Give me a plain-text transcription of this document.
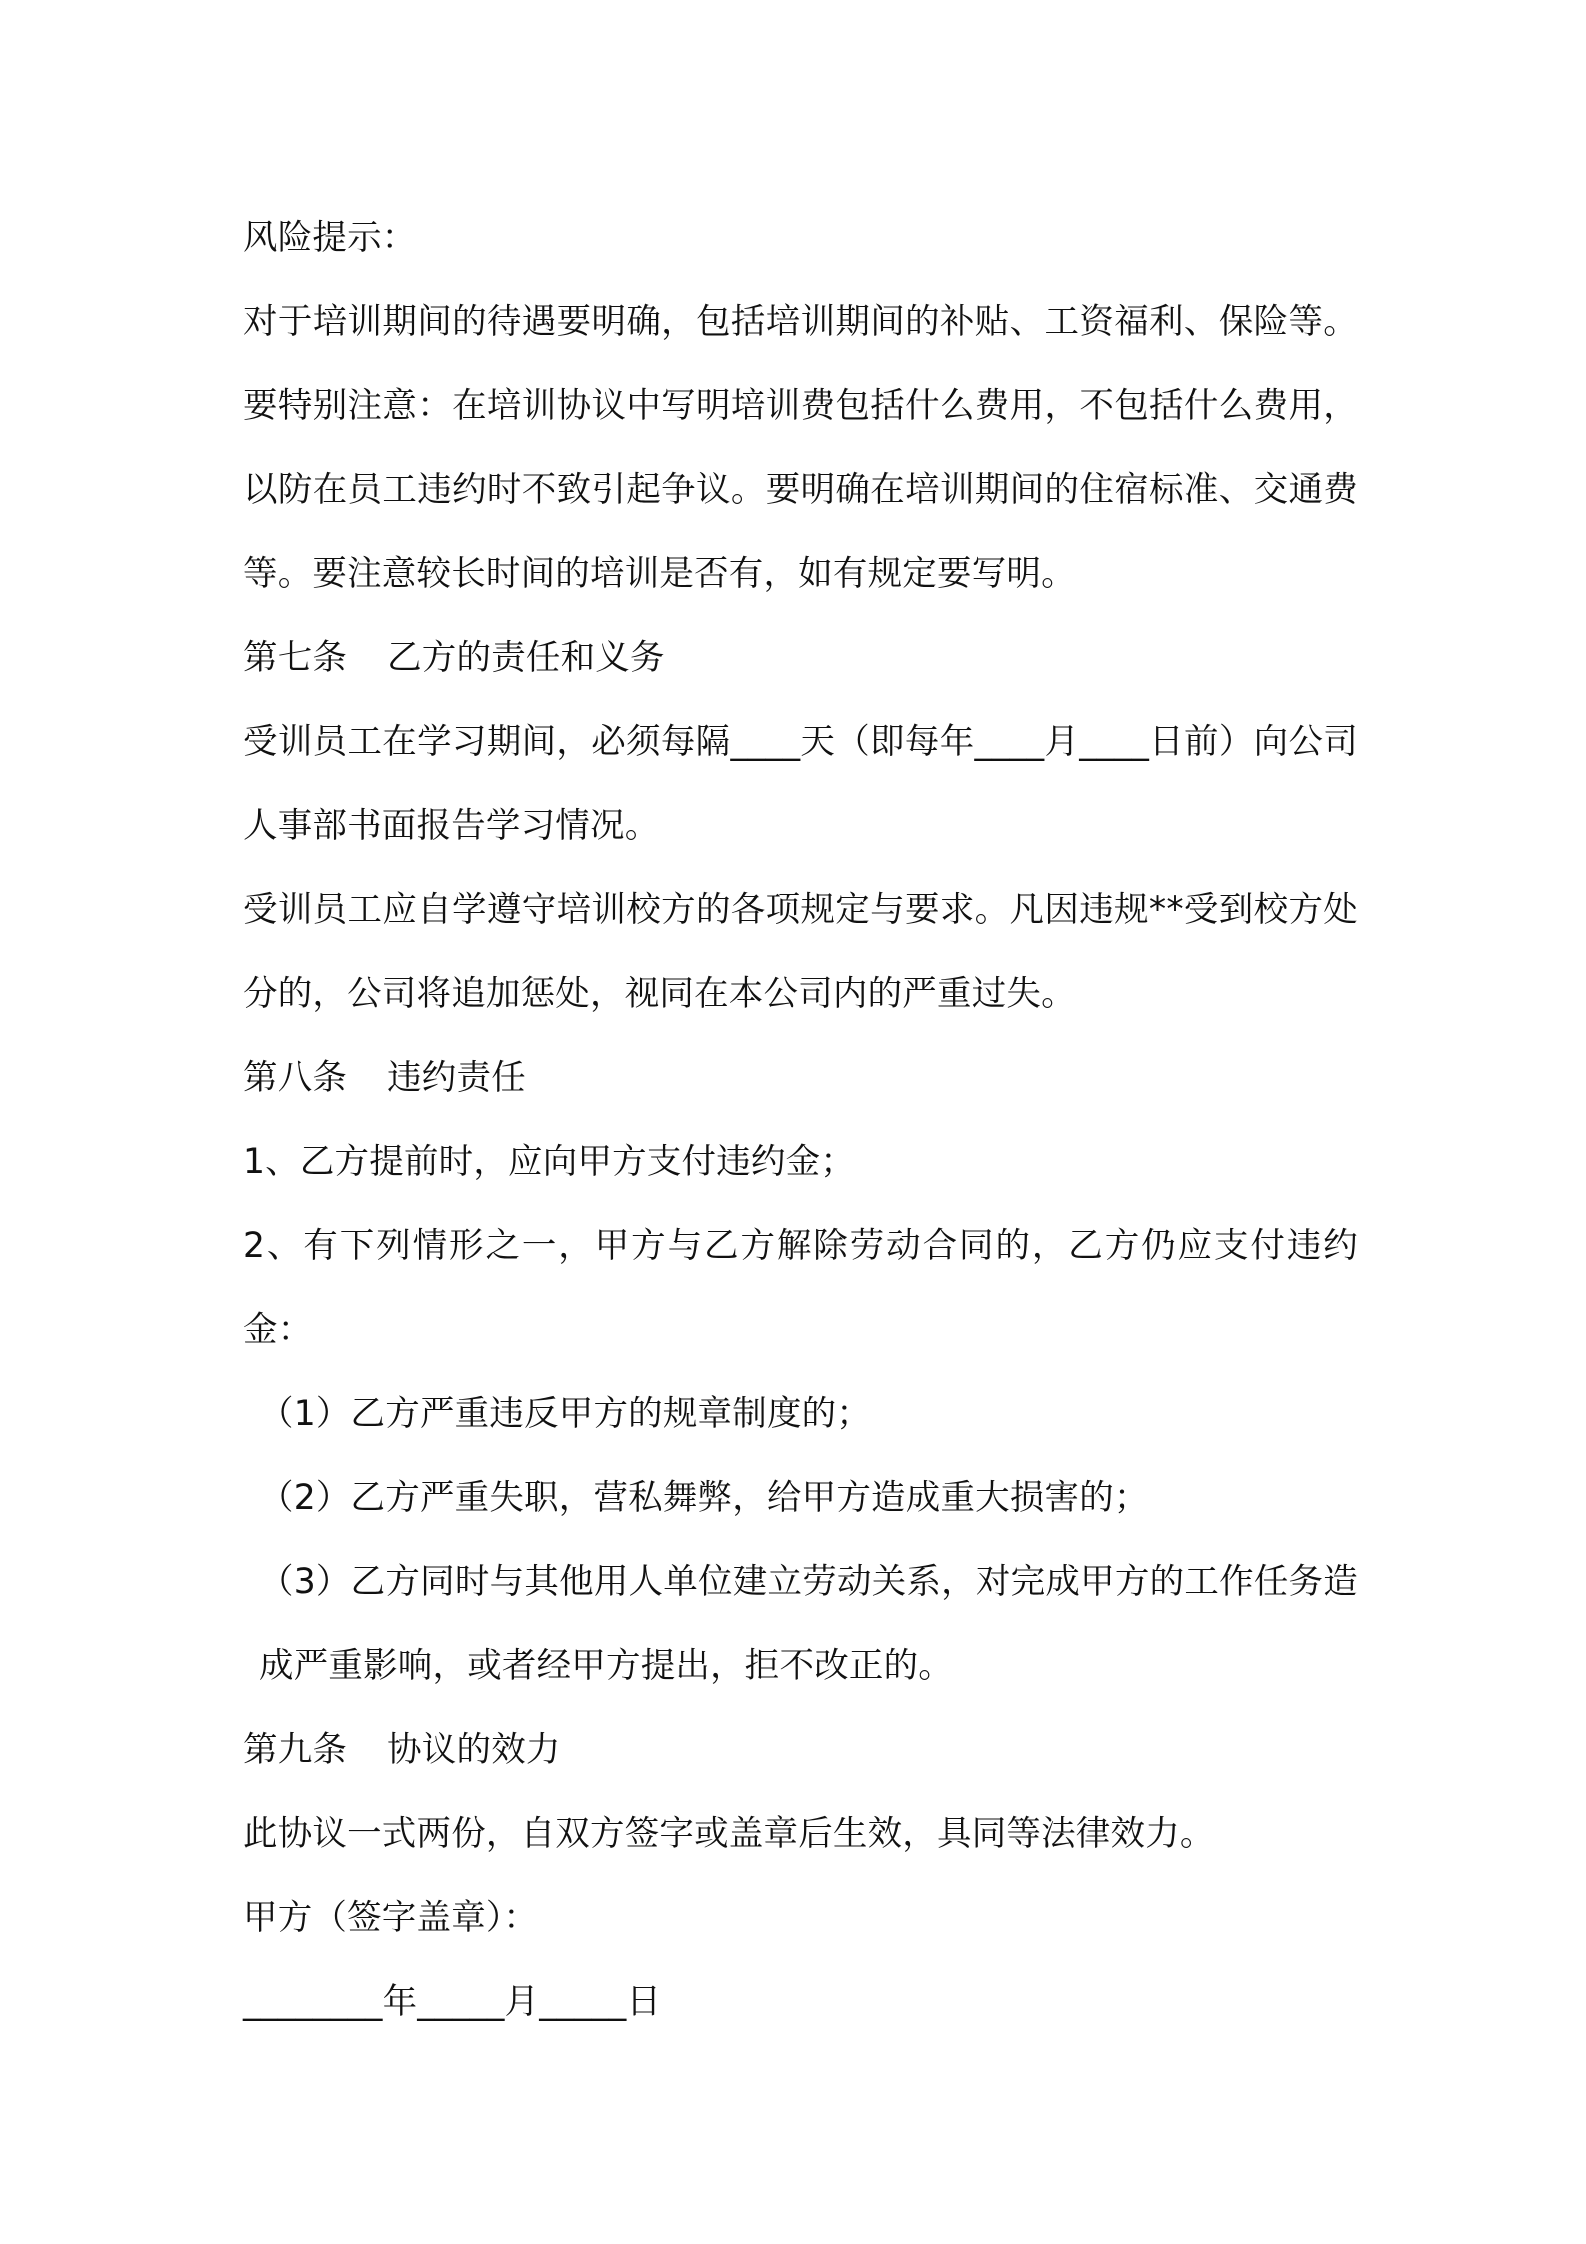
风险提示：

对于培训期间的待遇要明确，包括培训期间的补贴、工资福利、保险等。要特别注意：在培训协议中写明培训费包括什么费用，不包括什么费用，以防在员工违约时不致引起争议。要明确在培训期间的住宿标准、交通费等。要注意较长时间的培训是否有，如有规定要写明。

第七条 乙方的责任和义务

受训员工在学习期间，必须每隔____天（即每年____月____日前）向公司人事部书面报告学习情况。

受训员工应自学遵守培训校方的各项规定与要求。凡因违规**受到校方处分的，公司将追加惩处，视同在本公司内的严重过失。

第八条 违约责任

1、乙方提前时，应向甲方支付违约金；

2、有下列情形之一，甲方与乙方解除劳动合同的，乙方仍应支付违约金：

（1）乙方严重违反甲方的规章制度的；

（2）乙方严重失职，营私舞弊，给甲方造成重大损害的；

（3）乙方同时与其他用人单位建立劳动关系，对完成甲方的工作任务造成严重影响，或者经甲方提出，拒不改正的。

第九条 协议的效力

此协议一式两份，自双方签字或盖章后生效，具同等法律效力。

甲方（签字盖章）：

________年_____月_____日
